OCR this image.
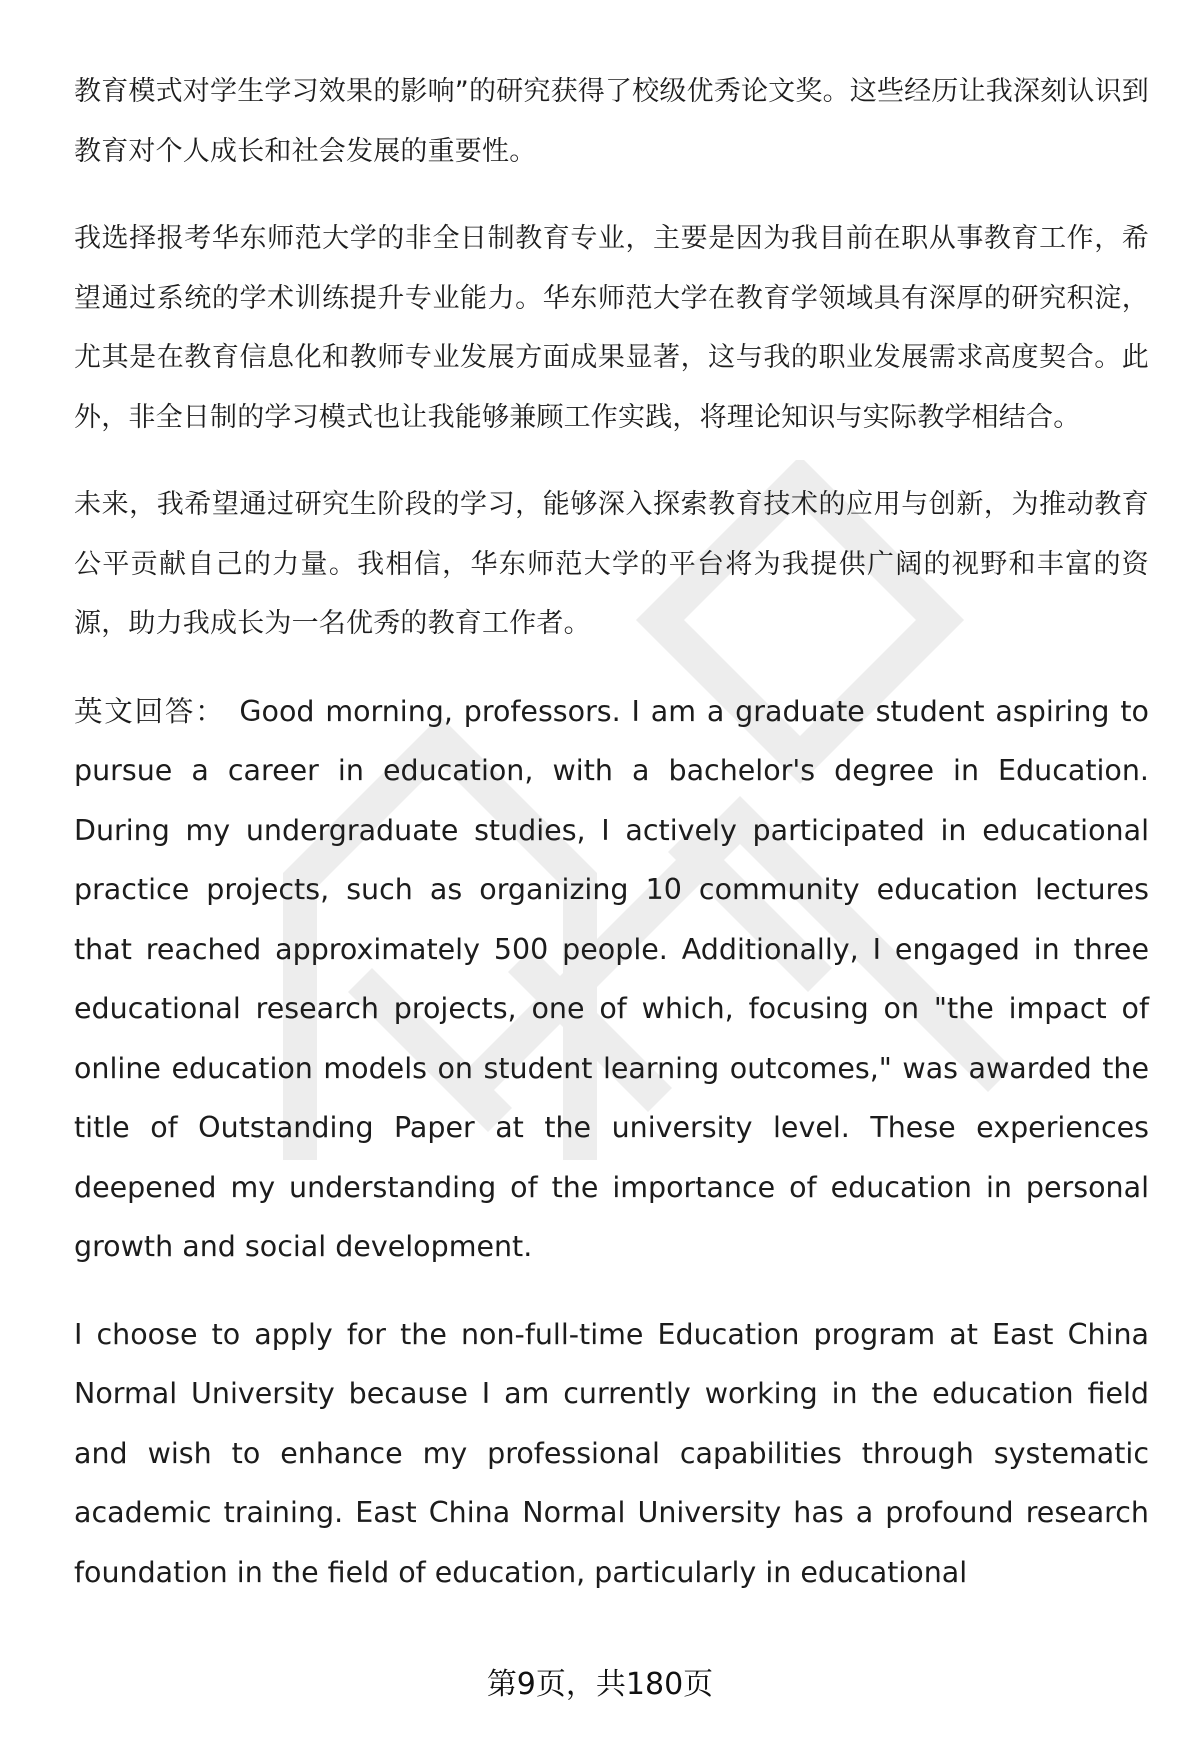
教育模式对学生学习效果的影响”的研究获得了校级优秀论文奖。这些经历让我深刻认识到教育对个人成长和社会发展的重要性。

我选择报考华东师范大学的非全日制教育专业，主要是因为我目前在职从事教育工作，希望通过系统的学术训练提升专业能力。华东师范大学在教育学领域具有深厚的研究积淀，尤其是在教育信息化和教师专业发展方面成果显著，这与我的职业发展需求高度契合。此外，非全日制的学习模式也让我能够兼顾工作实践，将理论知识与实际教学相结合。

未来，我希望通过研究生阶段的学习，能够深入探索教育技术的应用与创新，为推动教育公平贡献自己的力量。我相信，华东师范大学的平台将为我提供广阔的视野和丰富的资源，助力我成长为一名优秀的教育工作者。

英文回答： Good morning, professors. I am a graduate student aspiring to pursue a career in education, with a bachelor's degree in Education. During my undergraduate studies, I actively participated in educational practice projects, such as organizing 10 community education lectures that reached approximately 500 people. Additionally, I engaged in three educational research projects, one of which, focusing on "the impact of online education models on student learning outcomes," was awarded the title of Outstanding Paper at the university level. These experiences deepened my understanding of the importance of education in personal growth and social development.

I choose to apply for the non-full-time Education program at East China Normal University because I am currently working in the education field and wish to enhance my professional capabilities through systematic academic training. East China Normal University has a profound research foundation in the field of education, particularly in educational

第9页，共180页
